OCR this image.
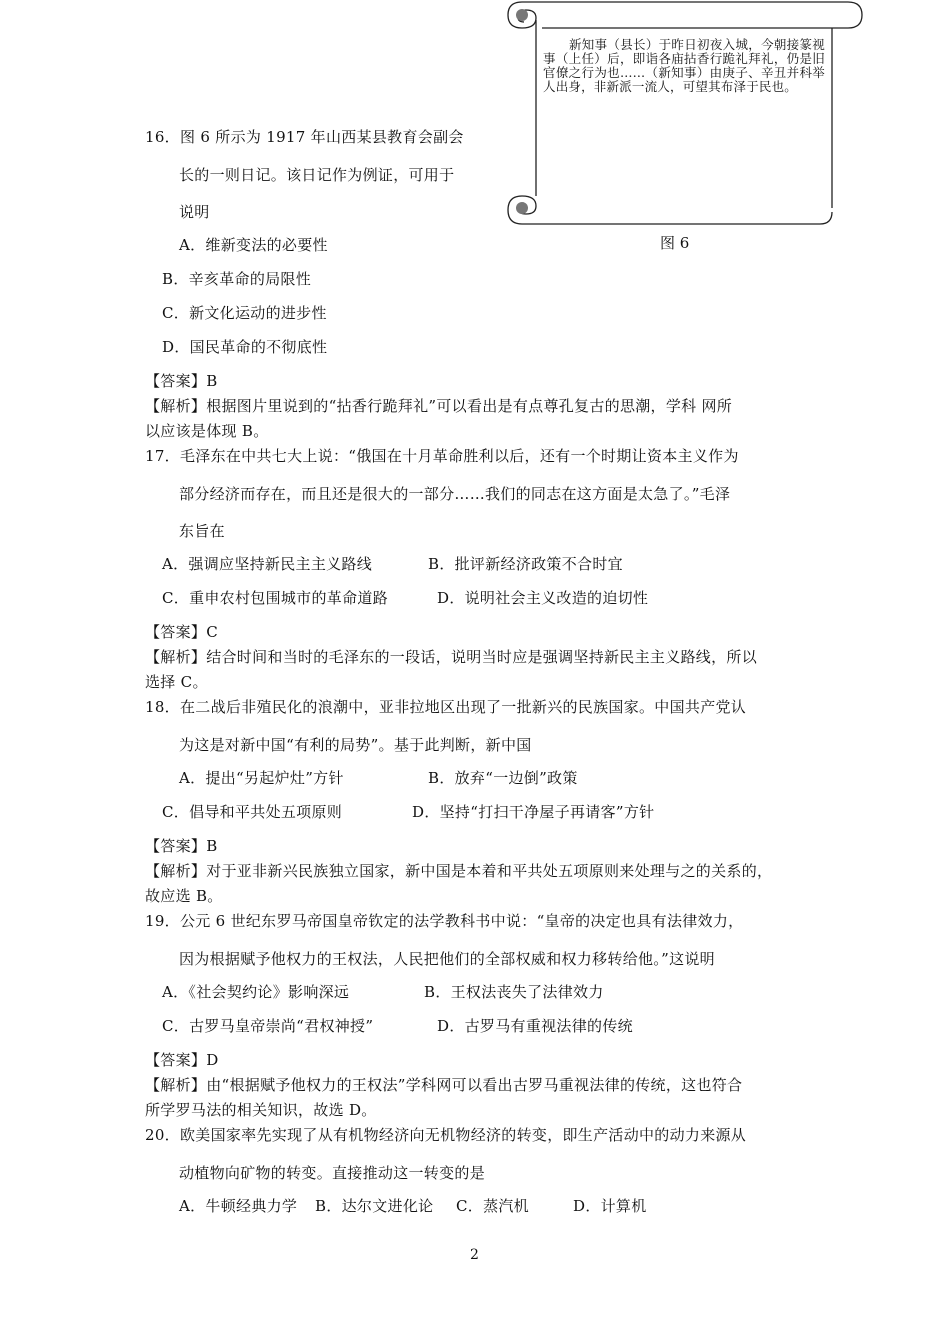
新知事（县长）于昨日初夜入城，今朝接篆视事（上任）后，即诣各庙拈香行跪礼拜礼，仍是旧官僚之行为也……（新知事）由庚子、辛丑并科举人出身，非新派一流人，可望其布泽于民也。
图 6
16．图 6 所示为 1917 年山西某县教育会副会
长的一则日记。该日记作为例证，可用于
说明
A．维新变法的必要性
B．辛亥革命的局限性
C．新文化运动的进步性
D．国民革命的不彻底性
【答案】B
【解析】根据图片里说到的“拈香行跪拜礼”可以看出是有点尊孔复古的思潮，学科 网所
以应该是体现 B。
17．毛泽东在中共七大上说：“俄国在十月革命胜利以后，还有一个时期让资本主义作为
部分经济而存在，而且还是很大的一部分……我们的同志在这方面是太急了。”毛泽
东旨在
A．强调应坚持新民主主义路线	B．批评新经济政策不合时宜
C．重申农村包围城市的革命道路	D．说明社会主义改造的迫切性
【答案】C
【解析】结合时间和当时的毛泽东的一段话，说明当时应是强调坚持新民主主义路线，所以
选择 C。
18．在二战后非殖民化的浪潮中，亚非拉地区出现了一批新兴的民族国家。中国共产党认
为这是对新中国“有利的局势”。基于此判断，新中国
A．提出“另起炉灶”方针	B．放弃“一边倒”政策
C．倡导和平共处五项原则	D．坚持“打扫干净屋子再请客”方针
【答案】B
【解析】对于亚非新兴民族独立国家，新中国是本着和平共处五项原则来处理与之的关系的，
故应选 B。
19．公元 6 世纪东罗马帝国皇帝钦定的法学教科书中说：“皇帝的决定也具有法律效力，
因为根据赋予他权力的王权法，人民把他们的全部权威和权力移转给他。”这说明
A．《社会契约论》影响深远	B．王权法丧失了法律效力
C．古罗马皇帝崇尚“君权神授”	D．古罗马有重视法律的传统
【答案】D
【解析】由“根据赋予他权力的王权法”学科网可以看出古罗马重视法律的传统，这也符合
所学罗马法的相关知识，故选 D。
20．欧美国家率先实现了从有机物经济向无机物经济的转变，即生产活动中的动力来源从
动植物向矿物的转变。直接推动这一转变的是
A．牛顿经典力学 B．达尔文进化论 C．蒸汽机	D．计算机
2
